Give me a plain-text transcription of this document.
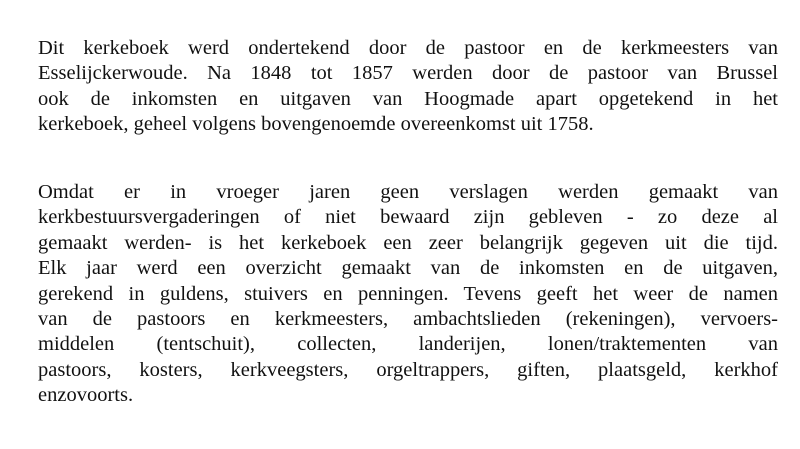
Dit kerkeboek werd ondertekend door de pastoor en de kerkmeesters van
Esselijckerwoude. Na 1848 tot 1857 werden door de pastoor van Brussel
ook de inkomsten en uitgaven van Hoogmade apart opgetekend in het
kerkeboek, geheel volgens bovengenoemde overeenkomst uit 1758.

Omdat er in vroeger jaren geen verslagen werden gemaakt van
kerkbestuursvergaderingen of niet bewaard zijn gebleven - zo deze al
gemaakt werden- is het kerkeboek een zeer belangrijk gegeven uit die tijd.
Elk jaar werd een overzicht gemaakt van de inkomsten en de uitgaven,
gerekend in guldens, stuivers en penningen. Tevens geeft het weer de namen
van de pastoors en kerkmeesters, ambachtslieden (rekeningen), vervoers-
middelen (tentschuit), collecten, landerijen, lonen/traktementen van
pastoors, kosters, kerkveegsters, orgeltrappers, giften, plaatsgeld, kerkhof
enzovoorts.
